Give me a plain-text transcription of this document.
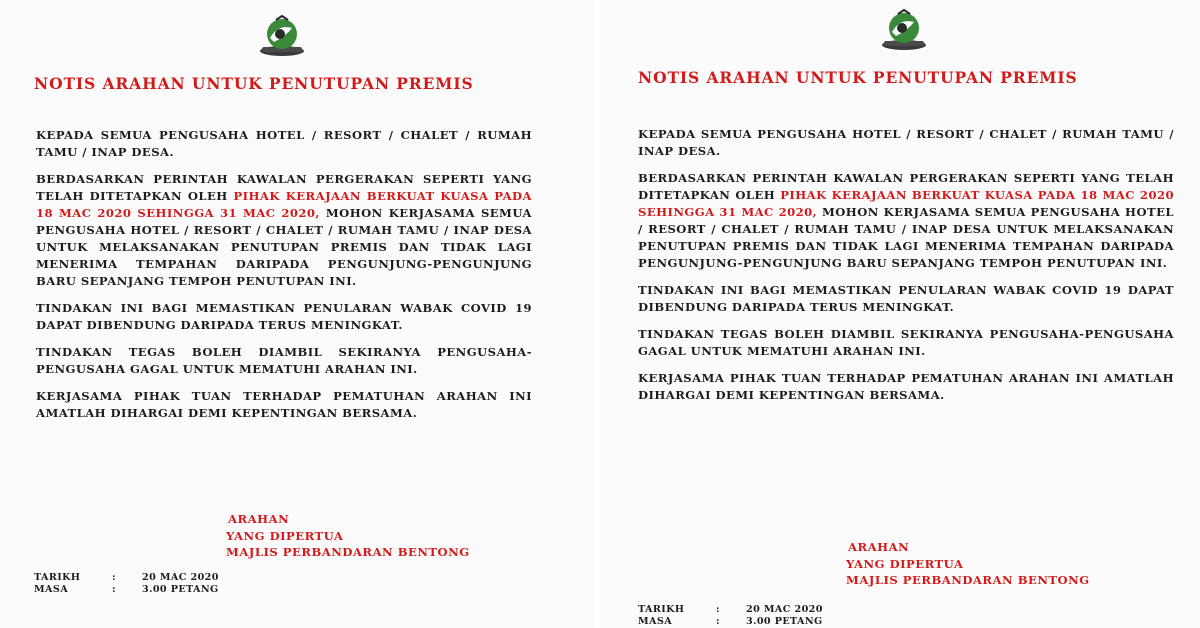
NOTIS ARAHAN UNTUK PENUTUPAN PREMIS

KEPADA SEMUA PENGUSAHA HOTEL / RESORT / CHALET / RUMAH TAMU / INAP DESA.

BERDASARKAN PERINTAH KAWALAN PERGERAKAN SEPERTI YANG TELAH DITETAPKAN OLEH PIHAK KERAJAAN BERKUAT KUASA PADA 18 MAC 2020 SEHINGGA 31 MAC 2020, MOHON KERJASAMA SEMUA PENGUSAHA HOTEL / RESORT / CHALET / RUMAH TAMU / INAP DESA UNTUK MELAKSANAKAN PENUTUPAN PREMIS DAN TIDAK LAGI MENERIMA TEMPAHAN DARIPADA PENGUNJUNG-PENGUNJUNG BARU SEPANJANG TEMPOH PENUTUPAN INI.

TINDAKAN INI BAGI MEMASTIKAN PENULARAN WABAK COVID 19 DAPAT DIBENDUNG DARIPADA TERUS MENINGKAT.

TINDAKAN TEGAS BOLEH DIAMBIL SEKIRANYA PENGUSAHA-PENGUSAHA GAGAL UNTUK MEMATUHI ARAHAN INI.

KERJASAMA PIHAK TUAN TERHADAP PEMATUHAN ARAHAN INI AMATLAH DIHARGAI DEMI KEPENTINGAN BERSAMA.

ARAHAN
YANG DIPERTUA
MAJLIS PERBANDARAN BENTONG
TARIKH	:	20 MAC 2020
MASA	:	3.00 PETANG
NOTIS ARAHAN UNTUK PENUTUPAN PREMIS

KEPADA SEMUA PENGUSAHA HOTEL / RESORT / CHALET / RUMAH TAMU / INAP DESA.

BERDASARKAN PERINTAH KAWALAN PERGERAKAN SEPERTI YANG TELAH DITETAPKAN OLEH PIHAK KERAJAAN BERKUAT KUASA PADA 18 MAC 2020 SEHINGGA 31 MAC 2020, MOHON KERJASAMA SEMUA PENGUSAHA HOTEL / RESORT / CHALET / RUMAH TAMU / INAP DESA UNTUK MELAKSANAKAN PENUTUPAN PREMIS DAN TIDAK LAGI MENERIMA TEMPAHAN DARIPADA PENGUNJUNG-PENGUNJUNG BARU SEPANJANG TEMPOH PENUTUPAN INI.

TINDAKAN INI BAGI MEMASTIKAN PENULARAN WABAK COVID 19 DAPAT DIBENDUNG DARIPADA TERUS MENINGKAT.

TINDAKAN TEGAS BOLEH DIAMBIL SEKIRANYA PENGUSAHA-PENGUSAHA GAGAL UNTUK MEMATUHI ARAHAN INI.

KERJASAMA PIHAK TUAN TERHADAP PEMATUHAN ARAHAN INI AMATLAH DIHARGAI DEMI KEPENTINGAN BERSAMA.

ARAHAN
YANG DIPERTUA
MAJLIS PERBANDARAN BENTONG
TARIKH	:	20 MAC 2020
MASA	:	3.00 PETANG
